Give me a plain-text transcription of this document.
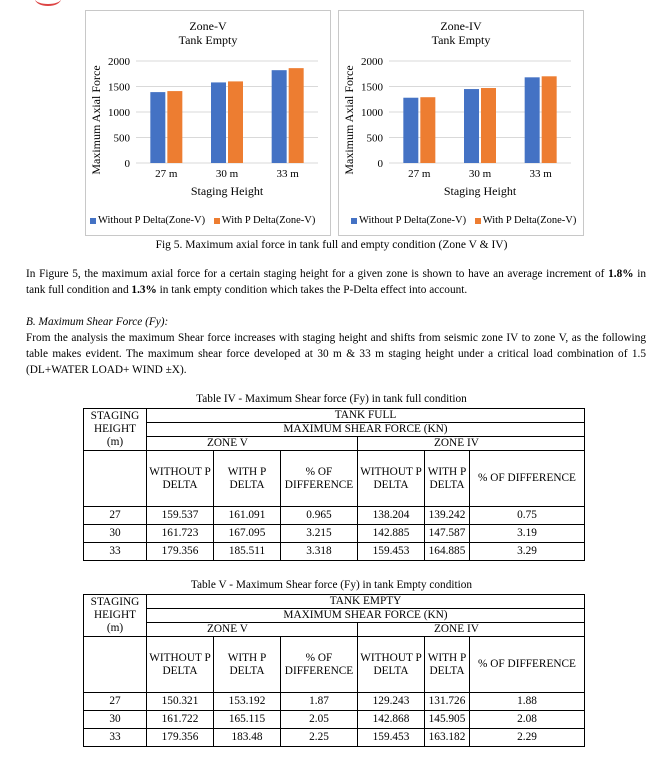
Zone-V
Tank Empty
0
500
1000
1500
2000
27 m	30 m	33 m
Staging Height
Maximum Axial Force
Without P Delta(Zone-V) With P Delta(Zone-V)
Zone-IV
Tank Empty
0
500
1000
1500
2000
27 m	30 m	33 m
Staging Height
Maximum Axial Force
Without P Delta(Zone-V) With P Delta(Zone-V)
Fig 5. Maximum axial force in tank full and empty condition (Zone V & IV)
In Figure 5, the maximum axial force for a certain staging height for a given zone is shown to have an average increment of 1.8% in tank full condition and 1.3% in tank empty condition which takes the P-Delta effect into account.
B. Maximum Shear Force (Fy):
From the analysis the maximum Shear force increases with staging height and shifts from seismic zone IV to zone V, as the following table makes evident. The maximum shear force developed at 30 m & 33 m staging height under a critical load combination of 1.5 (DL+WATER LOAD+ WIND ±X).
Table IV - Maximum Shear force (Fy) in tank full condition
STAGING HEIGHT (m)	TANK FULL					
	MAXIMUM SHEAR FORCE (KN)					
	ZONE V			ZONE IV		
	WITHOUT P DELTA	WITH P DELTA	% OF DIFFERENCE	WITHOUT P DELTA	WITH P DELTA	% OF DIFFERENCE
27	159.537	161.091	0.965	138.204	139.242	0.75
30	161.723	167.095	3.215	142.885	147.587	3.19
33	179.356	185.511	3.318	159.453	164.885	3.29
Table V - Maximum Shear force (Fy) in tank Empty condition
STAGING HEIGHT (m)	TANK EMPTY					
	MAXIMUM SHEAR FORCE (KN)					
	ZONE V			ZONE IV		
	WITHOUT P DELTA	WITH P DELTA	% OF DIFFERENCE	WITHOUT P DELTA	WITH P DELTA	% OF DIFFERENCE
27	150.321	153.192	1.87	129.243	131.726	1.88
30	161.722	165.115	2.05	142.868	145.905	2.08
33	179.356	183.48	2.25	159.453	163.182	2.29
